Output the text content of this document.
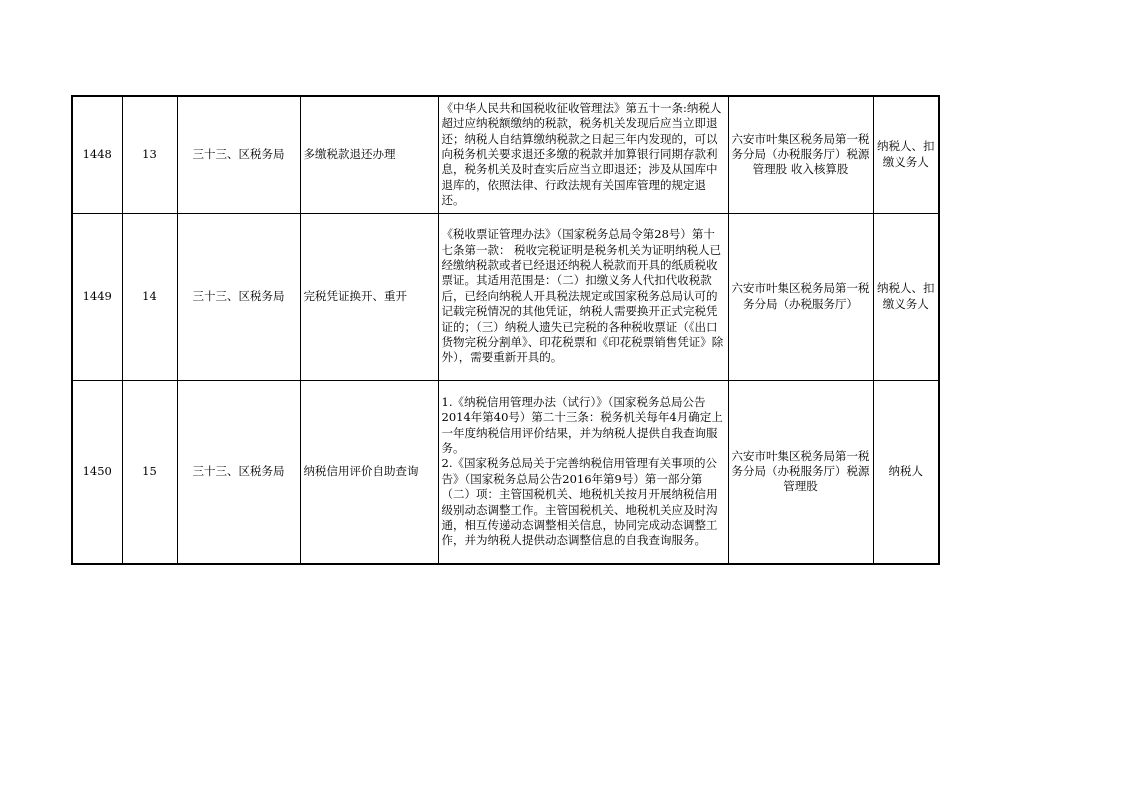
1448	13	三十三、区税务局	多缴税款退还办理	《中华人民共和国税收征收管理法》第五十一条:纳税人超过应纳税额缴纳的税款，税务机关发现后应当立即退还；纳税人自结算缴纳税款之日起三年内发现的，可以向税务机关要求退还多缴的税款并加算银行同期存款利息，税务机关及时查实后应当立即退还；涉及从国库中退库的，依照法律、行政法规有关国库管理的规定退还。	六安市叶集区税务局第一税务分局（办税服务厅）税源管理股 收入核算股	纳税人、扣缴义务人
1449	14	三十三、区税务局	完税凭证换开、重开	《税收票证管理办法》（国家税务总局令第28号）第十七条第一款： 税收完税证明是税务机关为证明纳税人已经缴纳税款或者已经退还纳税人税款而开具的纸质税收票证。其适用范围是：（二）扣缴义务人代扣代收税款后，已经向纳税人开具税法规定或国家税务总局认可的记载完税情况的其他凭证，纳税人需要换开正式完税凭证的；（三）纳税人遗失已完税的各种税收票证（《出口货物完税分割单》、印花税票和《印花税票销售凭证》除外），需要重新开具的。	六安市叶集区税务局第一税务分局（办税服务厅）	纳税人、扣缴义务人
1450	15	三十三、区税务局	纳税信用评价自助查询	1.《纳税信用管理办法（试行）》（国家税务总局公告 2014年第40号）第二十三条：税务机关每年4月确定上一年度纳税信用评价结果，并为纳税人提供自我查询服务。
2.《国家税务总局关于完善纳税信用管理有关事项的公告》（国家税务总局公告2016年第9号）第一部分第（二）项：主管国税机关、地税机关按月开展纳税信用级别动态调整工作。主管国税机关、地税机关应及时沟通，相互传递动态调整相关信息，协同完成动态调整工作，并为纳税人提供动态调整信息的自我查询服务。	六安市叶集区税务局第一税务分局（办税服务厅）税源管理股	纳税人
